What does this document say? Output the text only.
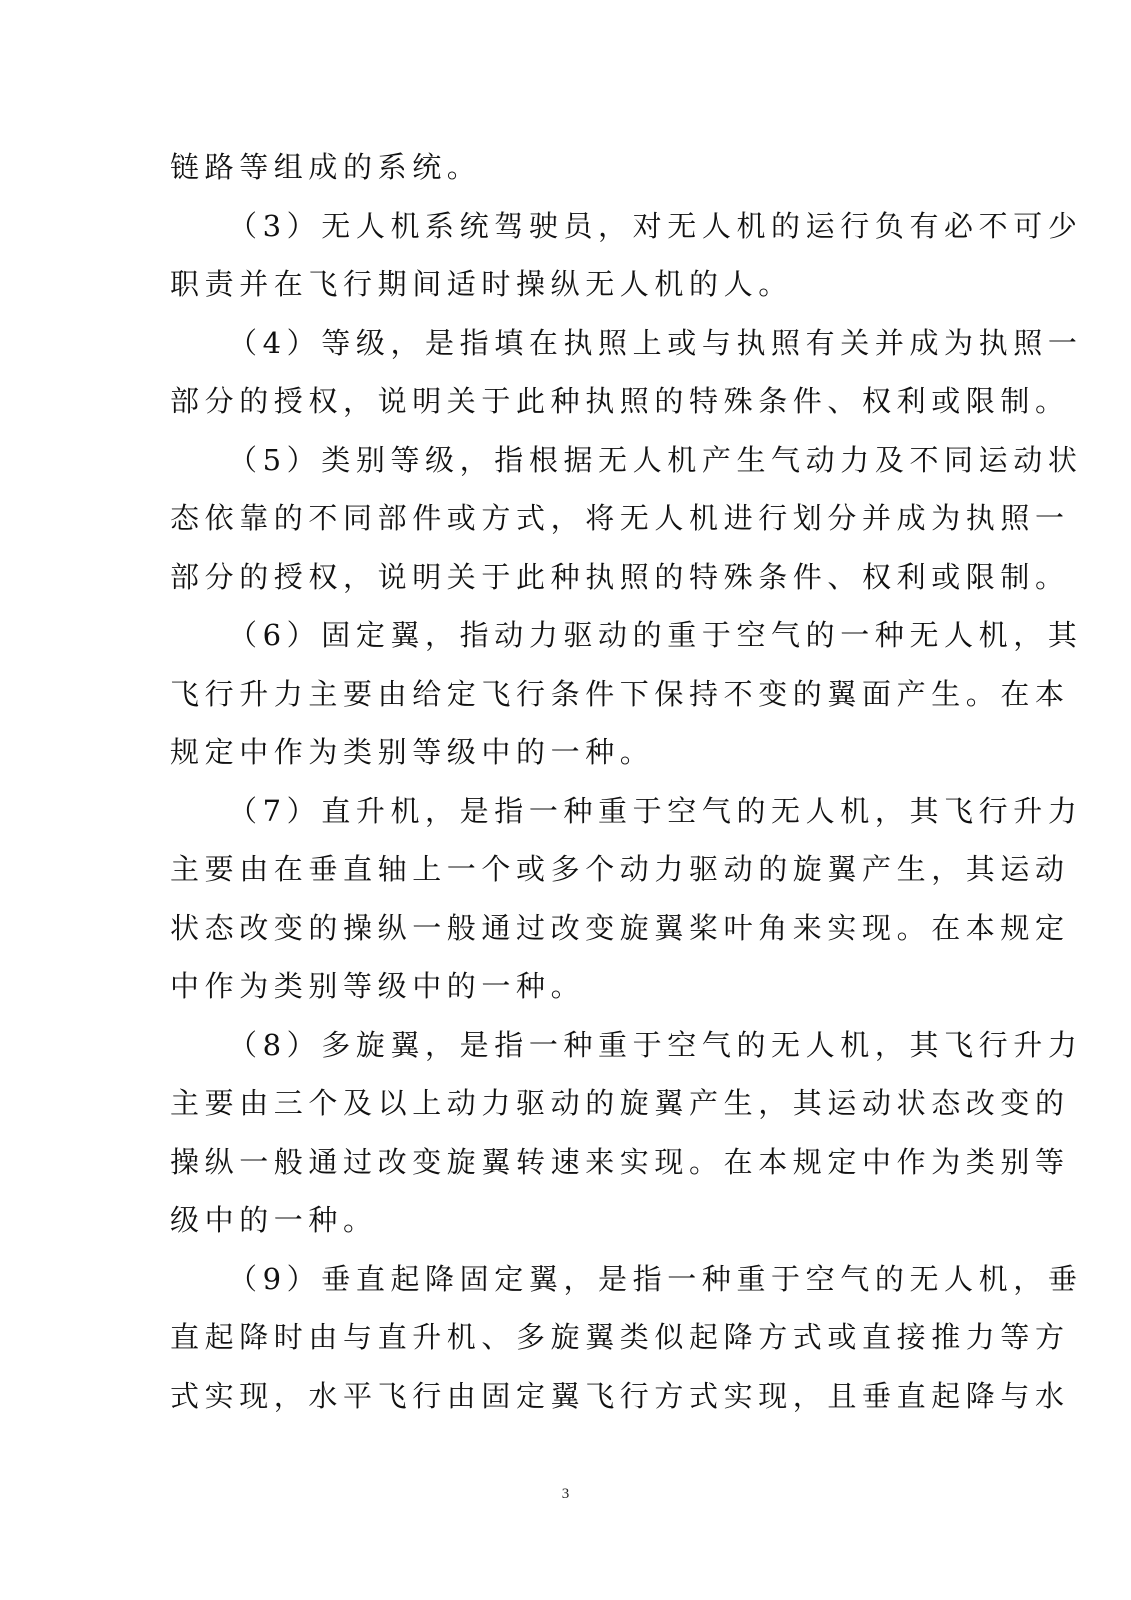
链路等组成的系统。
（3）无人机系统驾驶员，对无人机的运行负有必不可少
职责并在飞行期间适时操纵无人机的人。
（4）等级，是指填在执照上或与执照有关并成为执照一
部分的授权，说明关于此种执照的特殊条件、权利或限制。
（5）类别等级，指根据无人机产生气动力及不同运动状
态依靠的不同部件或方式，将无人机进行划分并成为执照一
部分的授权，说明关于此种执照的特殊条件、权利或限制。
（6）固定翼，指动力驱动的重于空气的一种无人机，其
飞行升力主要由给定飞行条件下保持不变的翼面产生。在本
规定中作为类别等级中的一种。
（7）直升机，是指一种重于空气的无人机，其飞行升力
主要由在垂直轴上一个或多个动力驱动的旋翼产生，其运动
状态改变的操纵一般通过改变旋翼桨叶角来实现。在本规定
中作为类别等级中的一种。
（8）多旋翼，是指一种重于空气的无人机，其飞行升力
主要由三个及以上动力驱动的旋翼产生，其运动状态改变的
操纵一般通过改变旋翼转速来实现。在本规定中作为类别等
级中的一种。
（9）垂直起降固定翼，是指一种重于空气的无人机，垂
直起降时由与直升机、多旋翼类似起降方式或直接推力等方
式实现，水平飞行由固定翼飞行方式实现，且垂直起降与水
3
